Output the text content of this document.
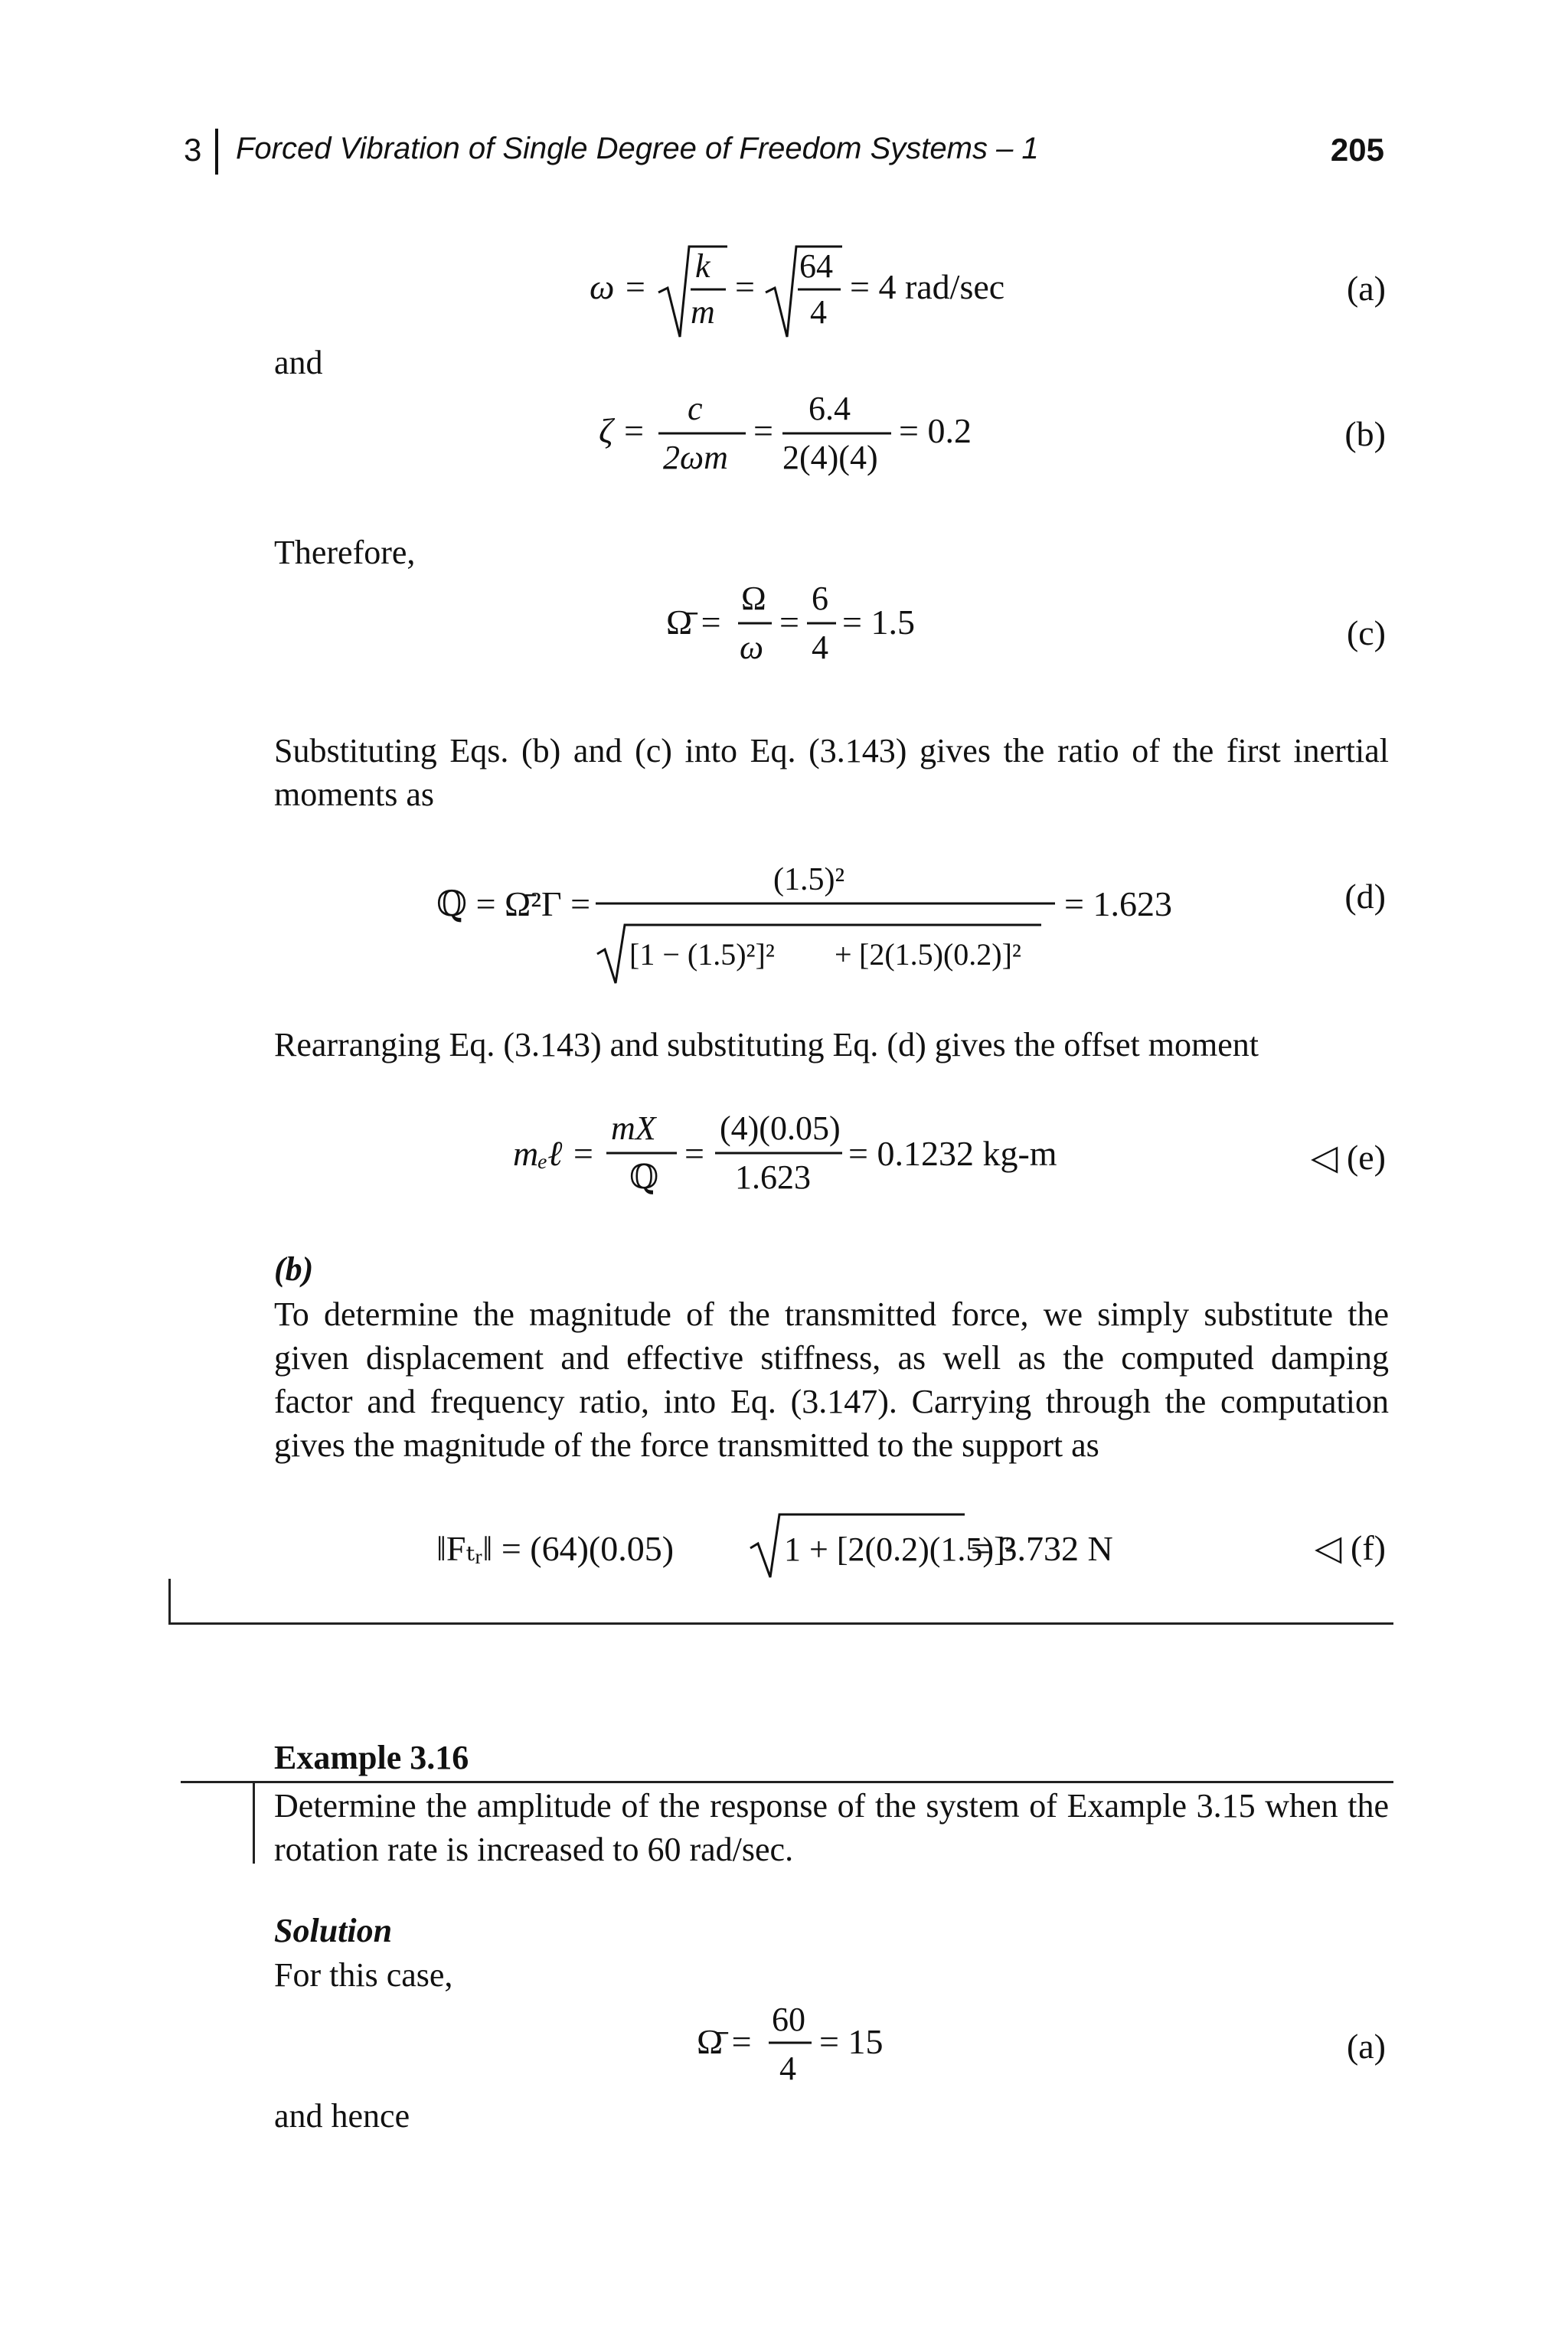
3 Forced Vibration of Single Degree of Freedom Systems – 1	205
ω =
k
m
=
64
4
= 4 rad/sec	(a)
and
ζ =
c
2ωm
=
6.4
2(4)(4)
= 0.2	(b)
Therefore,
Ω̄ =
Ω
ω
=
6
4
= 1.5	(c)
Substituting Eqs. (b) and (c) into Eq. (3.143) gives the ratio of the first inertial moments as
ℚ = Ω̄²Γ =
(1.5)²
[1 − (1.5)²]² + [2(1.5)(0.2)]²
= 1.623	(d)
Rearranging Eq. (3.143) and substituting Eq. (d) gives the offset moment
mₑℓ =
mX
ℚ
=
(4)(0.05)
1.623
= 0.1232 kg-m	◁ (e)
(b)
To determine the magnitude of the transmitted force, we simply substitute the given displacement and effective stiffness, as well as the computed damping factor and frequency ratio, into Eq. (3.147). Carrying through the computation gives the magnitude of the force transmitted to the support as
‖Fₜᵣ‖ = (64)(0.05)	1 + [2(0.2)(1.5)]²
= 3.732 N	◁ (f)
Example 3.16
Determine the amplitude of the response of the system of Example 3.15 when the rotation rate is increased to 60 rad/sec.
Solution
For this case,
Ω̄ =
60
4
= 15	(a)
and hence
